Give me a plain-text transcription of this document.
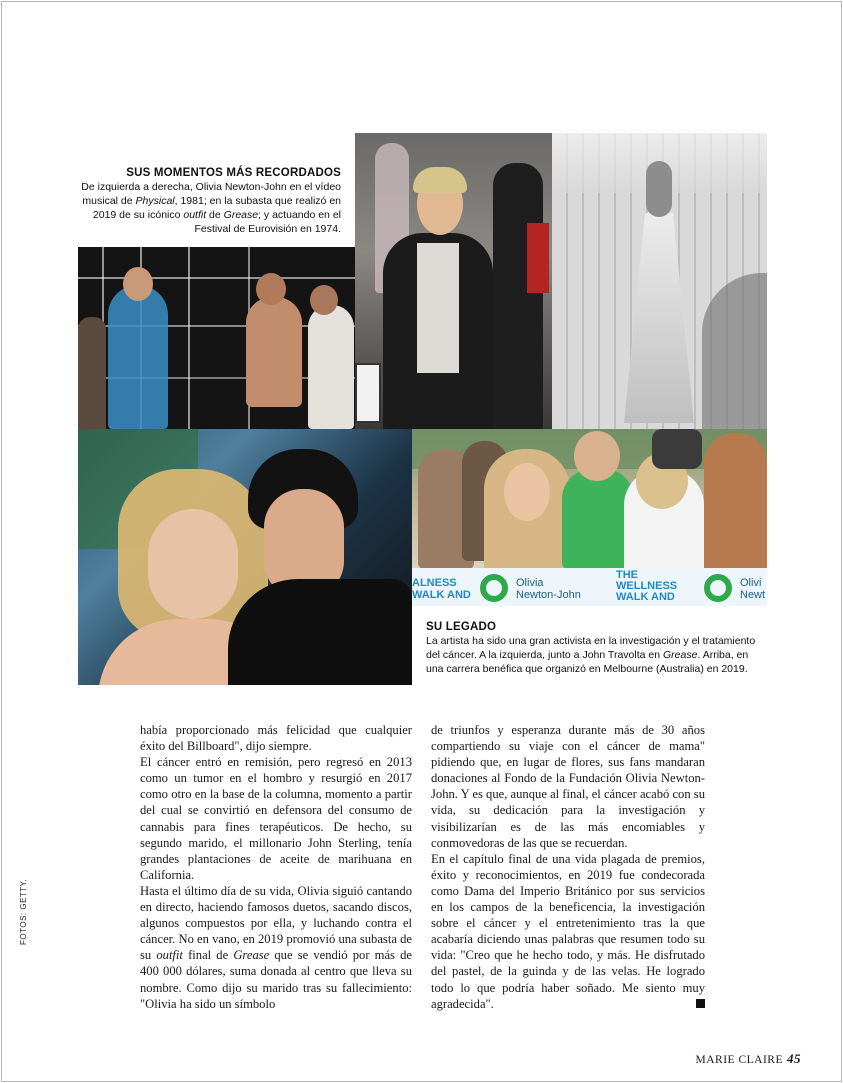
SUS MOMENTOS MÁS RECORDADOS
De izquierda a derecha, Olivia Newton-John en el vídeo musical de Physical, 1981; en la subasta que realizó en 2019 de su icónico outfit de Grease; y actuando en el Festival de Eurovisión en 1974.
ALNESS
WALK AND
Olivia
Newton-John
THE
WELLNESS
WALK AND
Olivi
Newt
SU LEGADO
La artista ha sido una gran activista en la investigación y el tratamiento del cáncer. A la izquierda, junto a John Travolta en Grease. Arriba, en una carrera benéfica que organizó en Melbourne (Australia) en 2019.

había proporcionado más felicidad que cualquier éxito del Billboard", dijo siempre.

El cáncer entró en remisión, pero regresó en 2013 como un tumor en el hombro y resurgió en 2017 como otro en la base de la columna, momento a partir del cual se convirtió en defensora del consumo de cannabis para fines terapéuticos. De hecho, su segundo marido, el millonario John Sterling, tenía grandes plantaciones de aceite de marihuana en California.

Hasta el último día de su vida, Olivia siguió cantando en directo, haciendo famosos duetos, sacando discos, algunos compuestos por ella, y luchando contra el cáncer. No en vano, en 2019 promovió una subasta de su outfit final de Grease que se vendió por más de 400 000 dólares, suma donada al centro que lleva su nombre. Como dijo su marido tras su fallecimiento: "Olivia ha sido un símbolo

de triunfos y esperanza durante más de 30 años compartiendo su viaje con el cáncer de mama" pidiendo que, en lugar de flores, sus fans mandaran donaciones al Fondo de la Fundación Olivia Newton-John. Y es que, aunque al final, el cáncer acabó con su vida, su dedicación para la investigación y visibilizarían es de las más encomiables y conmovedoras de las que se recuerdan.

En el capítulo final de una vida plagada de premios, éxito y reconocimientos, en 2019 fue condecorada como Dama del Imperio Británico por sus servicios en los campos de la beneficencia, la investigación sobre el cáncer y el entretenimiento tras la que acabaría diciendo unas palabras que resumen todo su vida: "Creo que he hecho todo, y más. He disfrutado del pastel, de la guinda y de las velas. He logrado todo lo que podría haber soñado. Me siento muy agradecida".

FOTOS: GETTY.
MARIE CLAIRE 45
